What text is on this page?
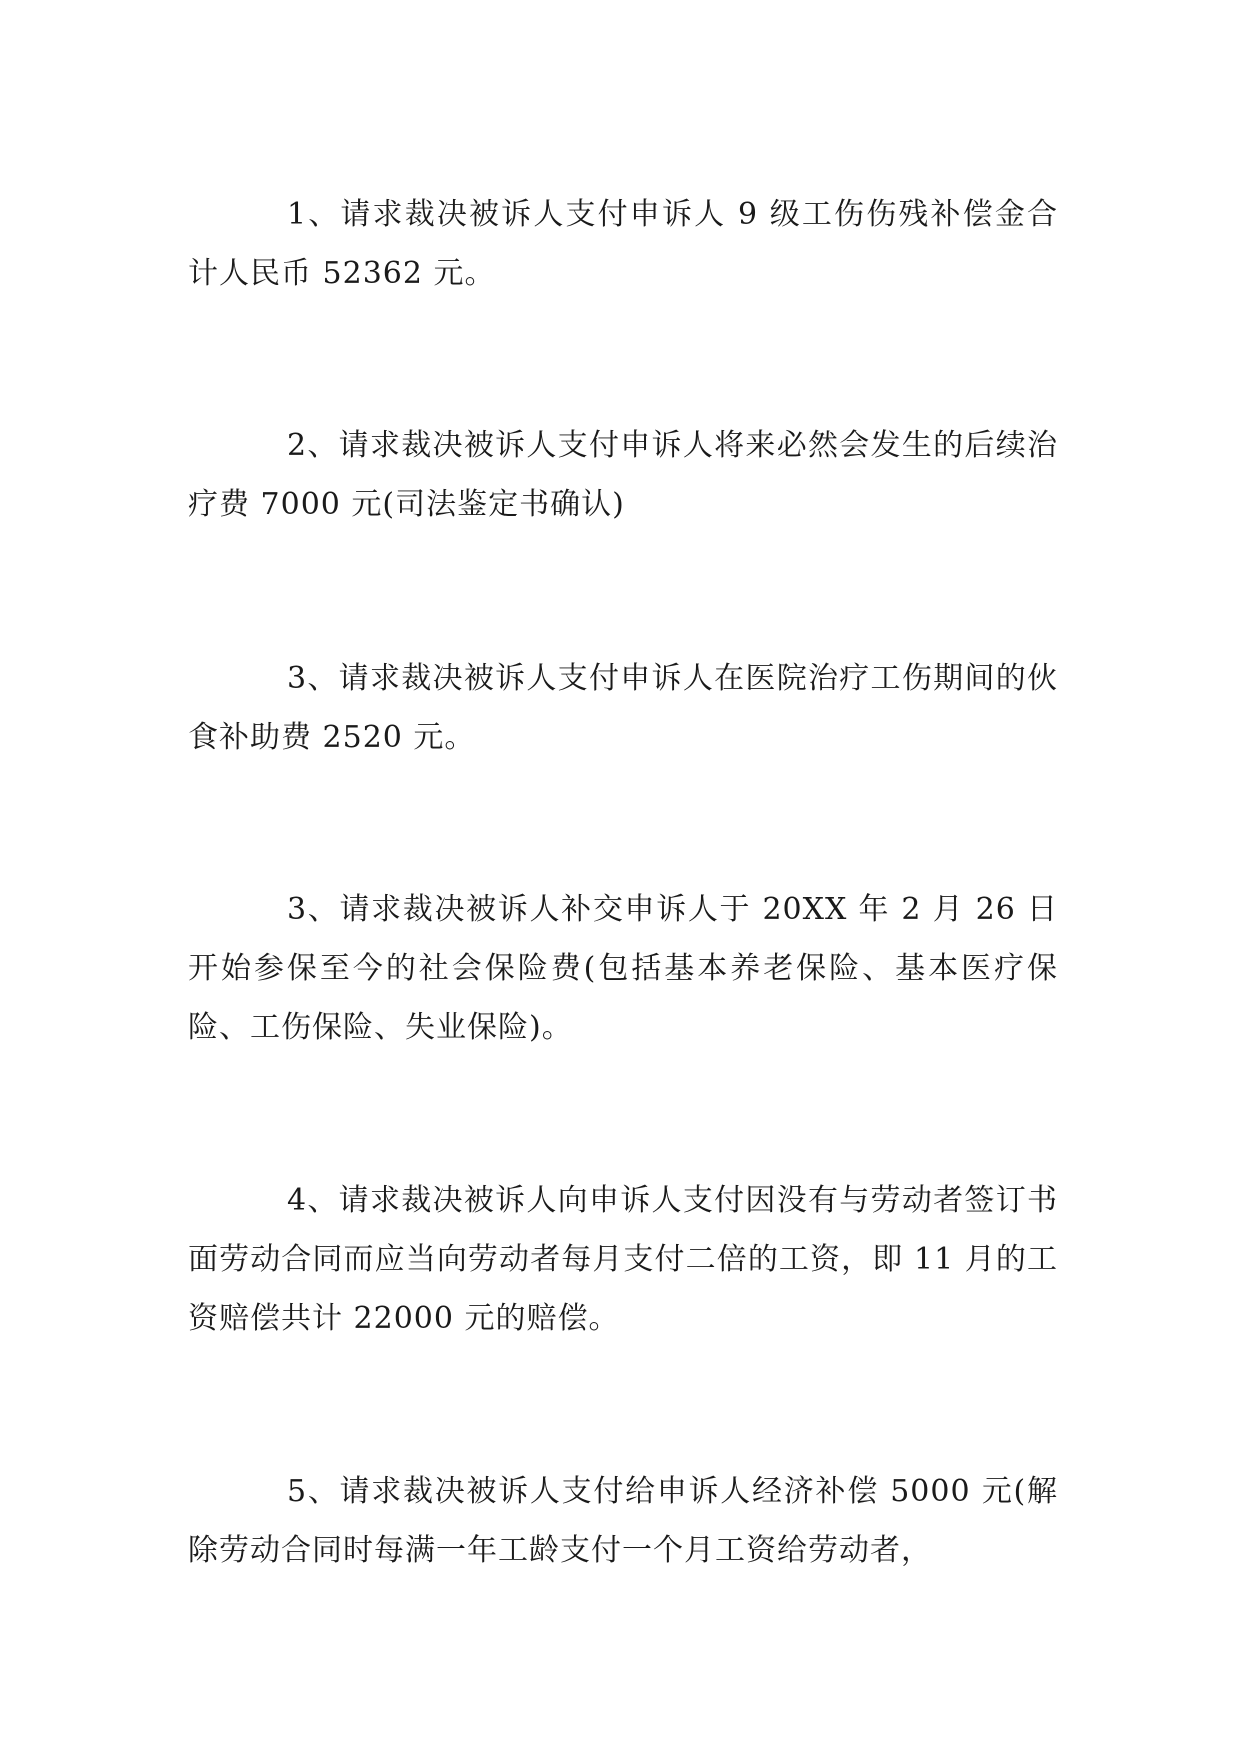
1、请求裁决被诉人支付申诉人 9 级工伤伤残补偿金合计人民币 52362 元。

2、请求裁决被诉人支付申诉人将来必然会发生的后续治疗费 7000 元(司法鉴定书确认)

3、请求裁决被诉人支付申诉人在医院治疗工伤期间的伙食补助费 2520 元。

3、请求裁决被诉人补交申诉人于 20XX 年 2 月 26 日开始参保至今的社会保险费(包括基本养老保险、基本医疗保险、工伤保险、失业保险)。

4、请求裁决被诉人向申诉人支付因没有与劳动者签订书面劳动合同而应当向劳动者每月支付二倍的工资，即 11 月的工资赔偿共计 22000 元的赔偿。

5、请求裁决被诉人支付给申诉人经济补偿 5000 元(解除劳动合同时每满一年工龄支付一个月工资给劳动者，
